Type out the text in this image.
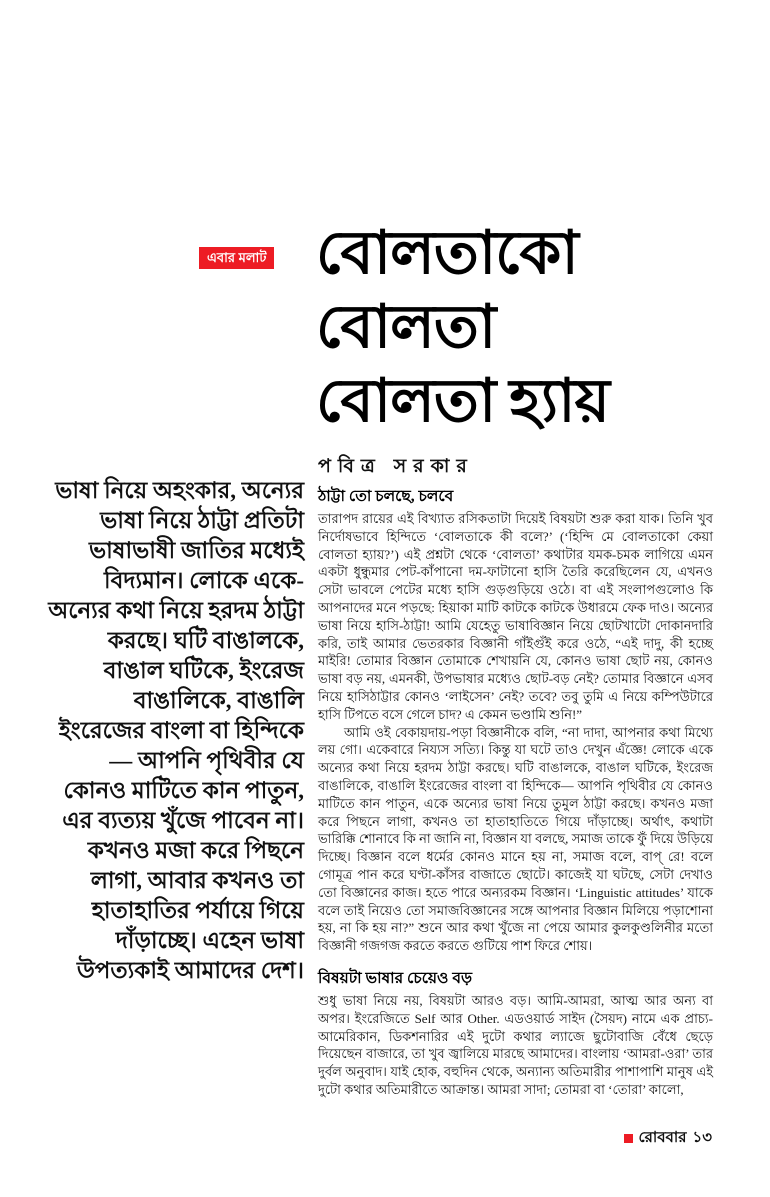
এবার মলাট বোলতাকো
বোলতা
বোলতা হ্যায়
পবিত্র সরকার
ভাষা নিয়ে অহংকার, অন্যের ভাষা নিয়ে ঠাট্টা প্রতিটা ভাষাভাষী জাতির মধ্যেই বিদ্যমান। লোকে একে-অন্যের কথা নিয়ে হরদম ঠাট্টা করছে। ঘটি বাঙালকে, বাঙাল ঘটিকে, ইংরেজ বাঙালিকে, বাঙালি ইংরেজের বাংলা বা হিন্দিকে— আপনি পৃথিবীর যে কোনও মাটিতে কান পাতুন, এর ব্যত্যয় খুঁজে পাবেন না। কখনও মজা করে পিছনে লাগা, আবার কখনও তা হাতাহাতির পর্যায়ে গিয়ে দাঁড়াচ্ছে। এহেন ভাষা উপত্যকাই আমাদের দেশ।
ঠাট্টা তো চলছে, চলবে

তারাপদ রায়ের এই বিখ্যাত রসিকতাটা দিয়েই বিষয়টা শুরু করা যাক। তিনি খুব নির্দোষভাবে হিন্দিতে ‘বোলতাকে কী বলে?’ (‘হিন্দি মে বোলতাকো কেয়া বোলতা হ্যায়?’) এই প্রশ্নটা থেকে ‘বোলতা’ কথাটার যমক-চমক লাগিয়ে এমন একটা ধুন্ধুমার পেট-কাঁপানো দম-ফাটানো হাসি তৈরি করেছিলেন যে, এখনও সেটা ভাবলে পেটের মধ্যে হাসি গুড়গুড়িয়ে ওঠে। বা এই সংলাপগুলোও কি আপনাদের মনে পড়ছে: হিয়াকা মাটি কাটকে কাটকে উধারমে ফেক দাও। অন্যের ভাষা নিয়ে হাসি-ঠাট্টা! আমি যেহেতু ভাষাবিজ্ঞান নিয়ে ছোটখাটো দোকানদারি করি, তাই আমার ভেতরকার বিজ্ঞানী গাঁইগুঁই করে ওঠে, “এই দাদু, কী হচ্ছে মাইরি! তোমার বিজ্ঞান তোমাকে শেখায়নি যে, কোনও ভাষা ছোট নয়, কোনও ভাষা বড় নয়, এমনকী, উপভাষার মধ্যেও ছোট-বড় নেই? তোমার বিজ্ঞানে এসব নিয়ে হাসিঠাট্টার কোনও ‘লাইসেন’ নেই? তবে? তবু তুমি এ নিয়ে কম্পিউটারে হাসি টিপতে বসে গেলে চাদ? এ কেমন ভণ্ডামি শুনি!”

আমি ওই বেকায়দায়-পড়া বিজ্ঞানীকে বলি, “না দাদা, আপনার কথা মিথ্যে লয় গো। একেবারে নিয্যস সত্যি। কিন্তু যা ঘটে তাও দেখুন এঁজ্ঞে! লোকে একে অন্যের কথা নিয়ে হরদম ঠাট্টা করছে। ঘটি বাঙালকে, বাঙাল ঘটিকে, ইংরেজ বাঙালিকে, বাঙালি ইংরেজের বাংলা বা হিন্দিকে— আপনি পৃথিবীর যে কোনও মাটিতে কান পাতুন, একে অন্যের ভাষা নিয়ে তুমুল ঠাট্টা করছে। কখনও মজা করে পিছনে লাগা, কখনও তা হাতাহাতিতে গিয়ে দাঁড়াচ্ছে। অর্থাৎ, কথাটা ভারিক্কি শোনাবে কি না জানি না, বিজ্ঞান যা বলছে, সমাজ তাকে ফুঁ দিয়ে উড়িয়ে দিচ্ছে। বিজ্ঞান বলে ধর্মের কোনও মানে হয় না, সমাজ বলে, বাপ্ রে! বলে গোমূত্র পান করে ঘণ্টা-কাঁসর বাজাতে ছোটে। কাজেই যা ঘটছে, সেটা দেখাও তো বিজ্ঞানের কাজ। হতে পারে অন্যরকম বিজ্ঞান। ‘Linguistic attitudes’ যাকে বলে তাই নিয়েও তো সমাজবিজ্ঞানের সঙ্গে আপনার বিজ্ঞান মিলিয়ে পড়াশোনা হয়, না কি হয় না?” শুনে আর কথা খুঁজে না পেয়ে আমার কুলকুণ্ডলিনীর মতো বিজ্ঞানী গজগজ করতে করতে গুটিয়ে পাশ ফিরে শোয়।

বিষয়টা ভাষার চেয়েও বড়

শুধু ভাষা নিয়ে নয়, বিষয়টা আরও বড়। আমি-আমরা, আত্ম আর অন্য বা অপর। ইংরেজিতে Self আর Other. এডওয়ার্ড সাইদ (সৈয়দ) নামে এক প্রাচ্য-আমেরিকান, ডিকশনারির এই দুটো কথার ল্যাজে ছুটোবাজি বেঁধে ছেড়ে দিয়েছেন বাজারে, তা খুব জ্বালিয়ে মারছে আমাদের। বাংলায় ‘আমরা-ওরা’ তার দুর্বল অনুবাদ। যাই হোক, বহুদিন থেকে, অন্যান্য অতিমারীর পাশাপাশি মানুষ এই দুটো কথার অতিমারীতে আক্রান্ত। আমরা সাদা; তোমরা বা ‘তোরা’ কালো,

রোববার ১৩
